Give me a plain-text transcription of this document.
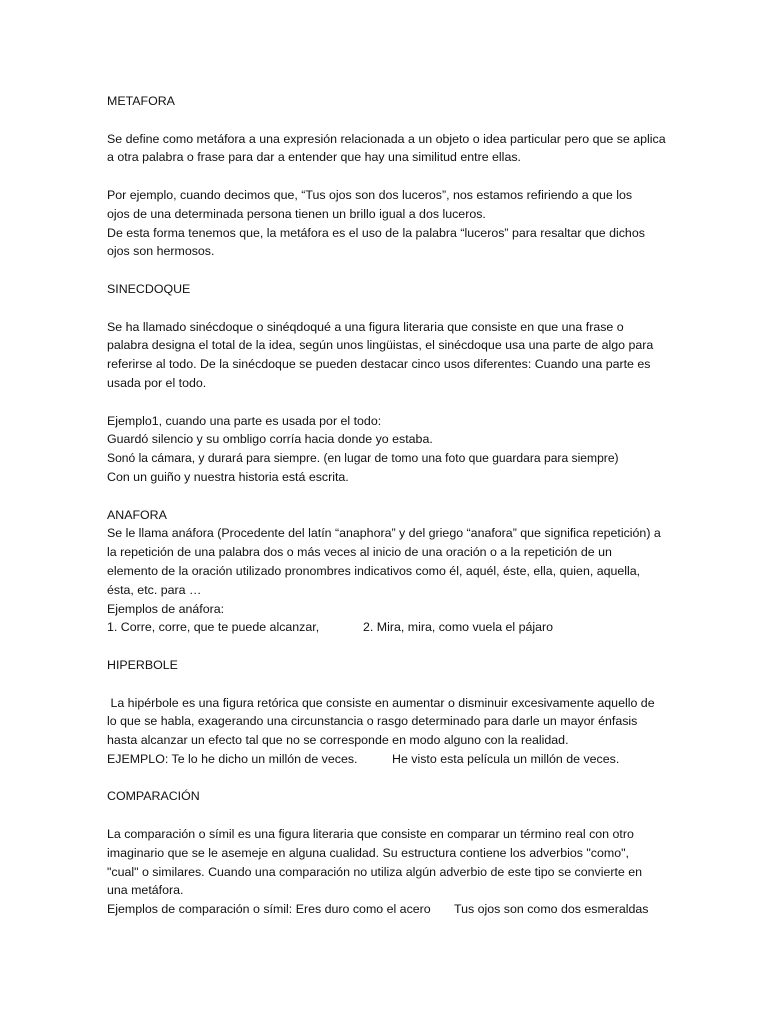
METAFORA

Se define como metáfora a una expresión relacionada a un objeto o idea particular pero que se aplica a otra palabra o frase para dar a entender que hay una similitud entre ellas.

Por ejemplo, cuando decimos que, “Tus ojos son dos luceros”, nos estamos refiriendo a que los ojos de una determinada persona tienen un brillo igual a dos luceros.

De esta forma tenemos que, la metáfora es el uso de la palabra “luceros” para resaltar que dichos ojos son hermosos.

SINECDOQUE

Se ha llamado sinécdoque o sinéqdoqué a una figura literaria que consiste en que una frase o palabra designa el total de la idea, según unos lingüistas, el sinécdoque usa una parte de algo para referirse al todo. De la sinécdoque se pueden destacar cinco usos diferentes: Cuando una parte es usada por el todo.

Ejemplo1, cuando una parte es usada por el todo:

Guardó silencio y su ombligo corría hacia donde yo estaba.

Sonó la cámara, y durará para siempre. (en lugar de tomo una foto que guardara para siempre)

Con un guiño y nuestra historia está escrita.

ANAFORA

Se le llama anáfora (Procedente del latín “anaphora” y del griego “anafora” que significa repetición) a la repetición de una palabra dos o más veces al inicio de una oración o a la repetición de un elemento de la oración utilizado pronombres indicativos como él, aquél, éste, ella, quien, aquella, ésta, etc. para …

Ejemplos de anáfora:

1. Corre, corre, que te puede alcanzar,	2. Mira, mira, como vuela el pájaro

HIPERBOLE

La hipérbole es una figura retórica que consiste en aumentar o disminuir excesivamente aquello de lo que se habla, exagerando una circunstancia o rasgo determinado para darle un mayor énfasis hasta alcanzar un efecto tal que no se corresponde en modo alguno con la realidad.

EJEMPLO: Te lo he dicho un millón de veces.	He visto esta película un millón de veces.

COMPARACIÓN

La comparación o símil es una figura literaria que consiste en comparar un término real con otro imaginario que se le asemeje en alguna cualidad. Su estructura contiene los adverbios "como", "cual" o similares. Cuando una comparación no utiliza algún adverbio de este tipo se convierte en una metáfora.

Ejemplos de comparación o símil: Eres duro como el acero Tus ojos son como dos esmeraldas
